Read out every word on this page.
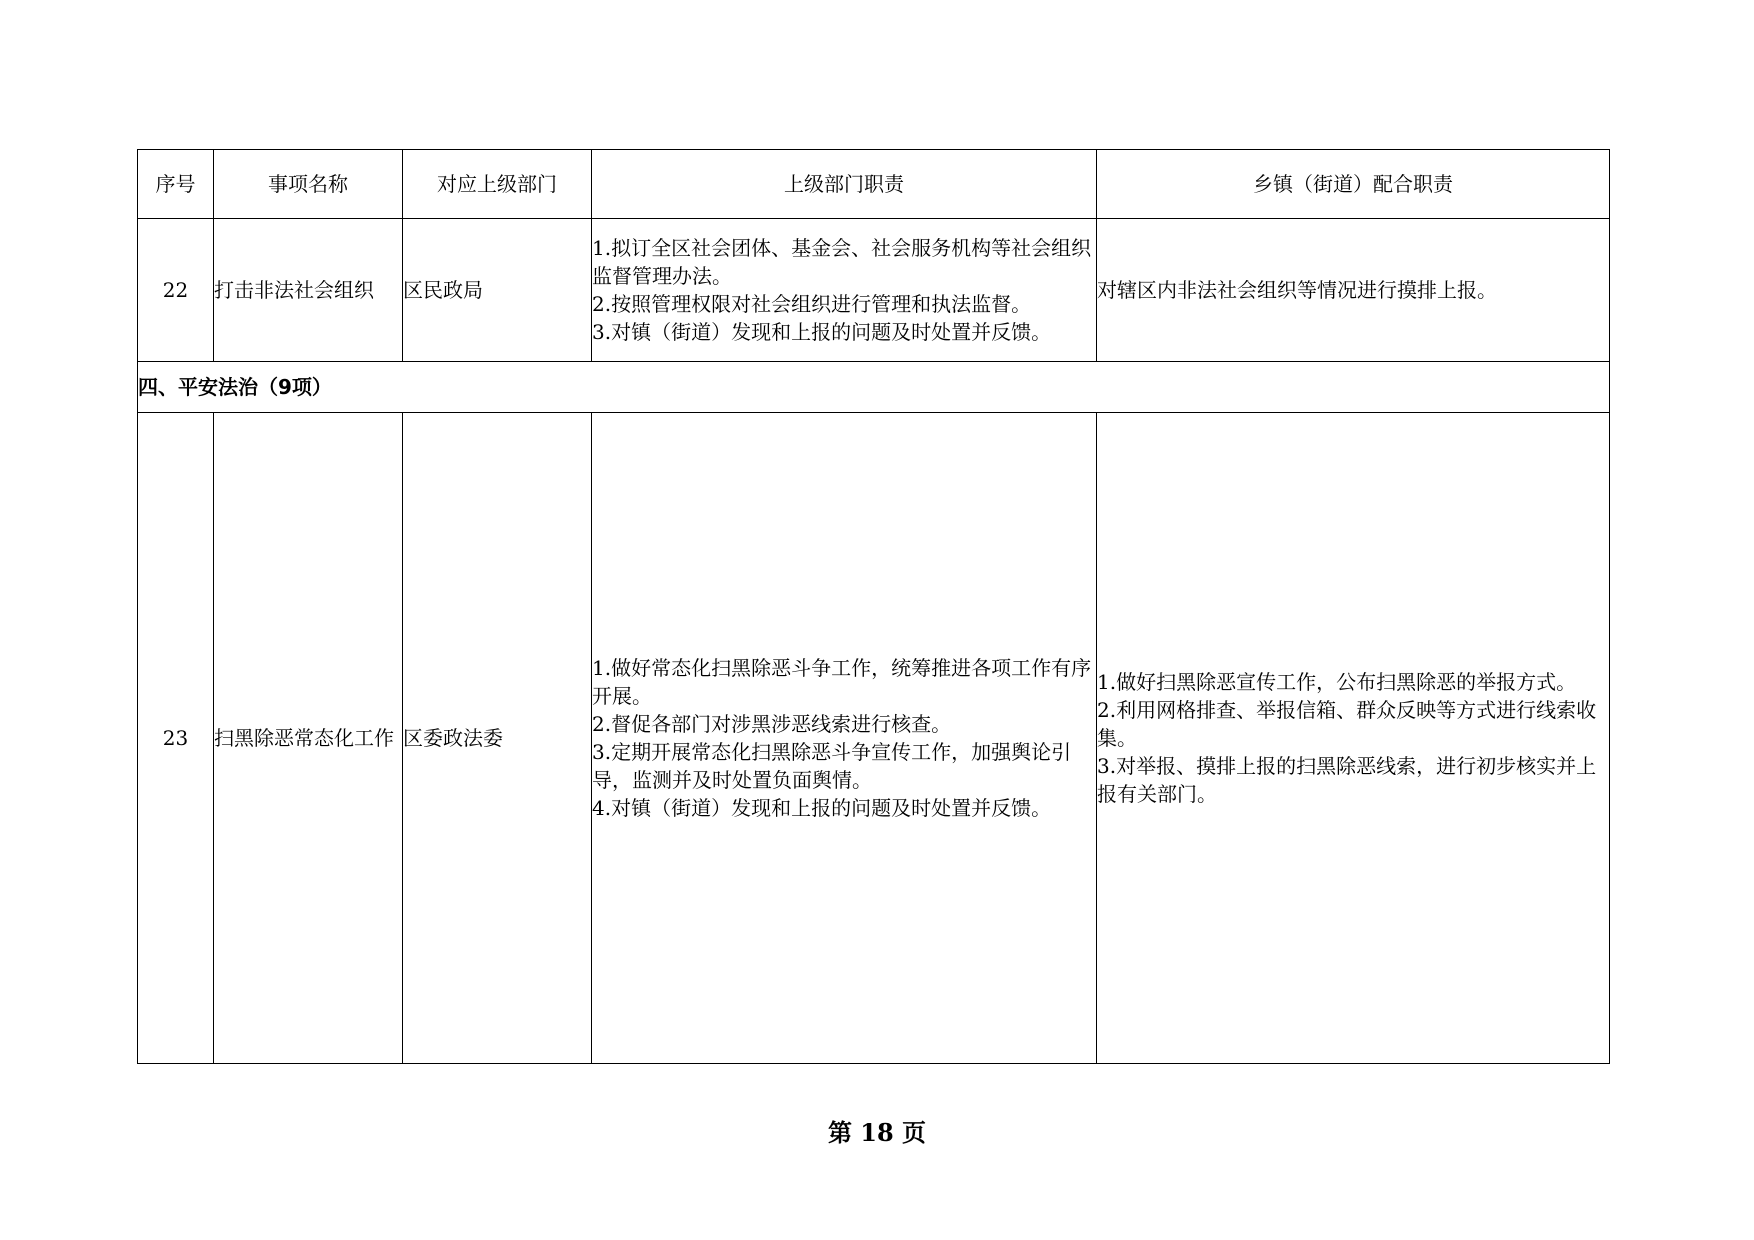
序号	事项名称	对应上级部门	上级部门职责	乡镇（街道）配合职责
22	打击非法社会组织	区民政局	1.拟订全区社会团体、基金会、社会服务机构等社会组织监督管理办法。
2.按照管理权限对社会组织进行管理和执法监督。
3.对镇（街道）发现和上报的问题及时处置并反馈。	对辖区内非法社会组织等情况进行摸排上报。

四、平安法治（9项）				
23	扫黑除恶常态化工作	区委政法委	1.做好常态化扫黑除恶斗争工作，统筹推进各项工作有序开展。
2.督促各部门对涉黑涉恶线索进行核查。
3.定期开展常态化扫黑除恶斗争宣传工作，加强舆论引导，监测并及时处置负面舆情。
4.对镇（街道）发现和上报的问题及时处置并反馈。	1.做好扫黑除恶宣传工作，公布扫黑除恶的举报方式。
2.利用网格排查、举报信箱、群众反映等方式进行线索收集。
3.对举报、摸排上报的扫黑除恶线索，进行初步核实并上报有关部门。
第 18 页
